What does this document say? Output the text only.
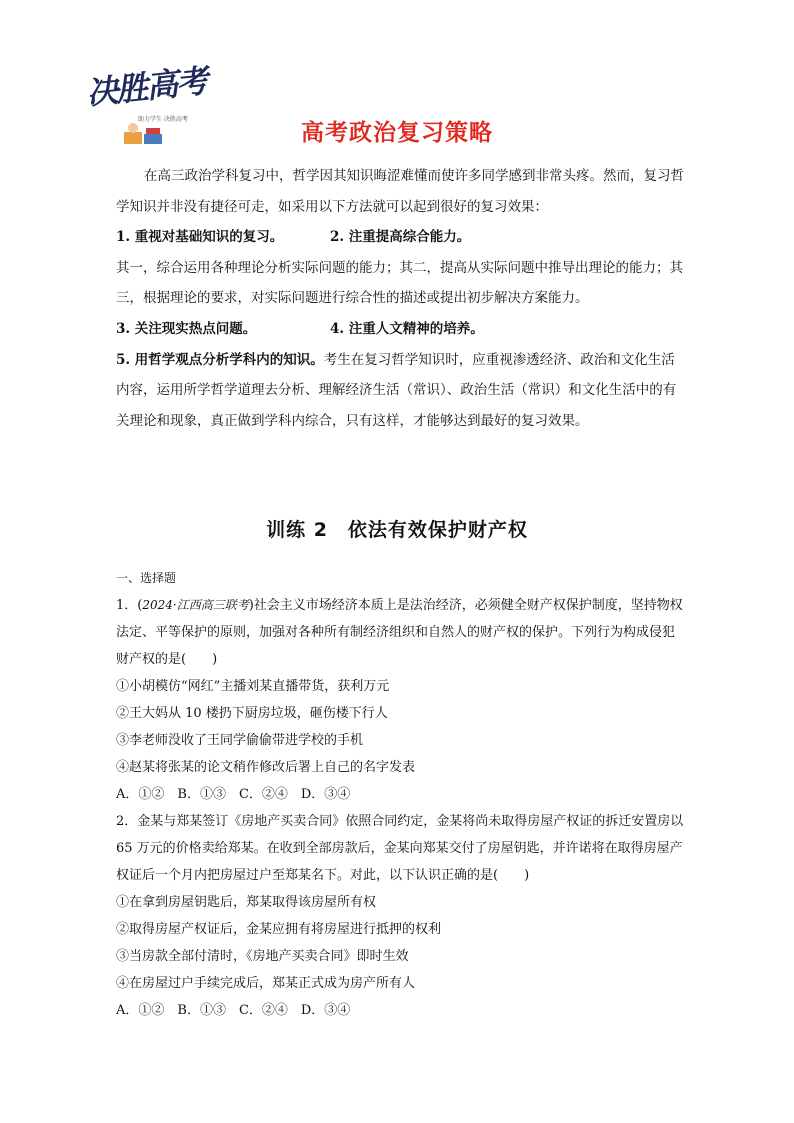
决胜高考
助力学生 决胜高考
高考政治复习策略
在高三政治学科复习中，哲学因其知识晦涩难懂而使许多同学感到非常头疼。然而，复习哲学知识并非没有捷径可走，如采用以下方法就可以起到很好的复习效果：
1. 重视对基础知识的复习。	2. 注重提高综合能力。
其一，综合运用各种理论分析实际问题的能力；其二，提高从实际问题中推导出理论的能力；其三，根据理论的要求，对实际问题进行综合性的描述或提出初步解决方案能力。
3. 关注现实热点问题。	4. 注重人文精神的培养。
5. 用哲学观点分析学科内的知识。考生在复习哲学知识时，应重视渗透经济、政治和文化生活内容，运用所学哲学道理去分析、理解经济生活（常识）、政治生活（常识）和文化生活中的有关理论和现象，真正做到学科内综合，只有这样，才能够达到最好的复习效果。
训练 2　依法有效保护财产权
一、选择题
1．(2024·江西高三联考)社会主义市场经济本质上是法治经济，必须健全财产权保护制度，坚持物权法定、平等保护的原则，加强对各种所有制经济组织和自然人的财产权的保护。下列行为构成侵犯财产权的是(　　)
①小胡模仿“网红”主播刘某直播带货，获利万元
②王大妈从 10 楼扔下厨房垃圾，砸伤楼下行人
③李老师没收了王同学偷偷带进学校的手机
④赵某将张某的论文稍作修改后署上自己的名字发表
A．①②　B．①③　C．②④　D．③④
2．金某与郑某签订《房地产买卖合同》依照合同约定，金某将尚未取得房屋产权证的拆迁安置房以 65 万元的价格卖给郑某。在收到全部房款后，金某向郑某交付了房屋钥匙，并许诺将在取得房屋产权证后一个月内把房屋过户至郑某名下。对此，以下认识正确的是(　　)
①在拿到房屋钥匙后，郑某取得该房屋所有权
②取得房屋产权证后，金某应拥有将房屋进行抵押的权利
③当房款全部付清时，《房地产买卖合同》即时生效
④在房屋过户手续完成后，郑某正式成为房产所有人
A．①②　B．①③　C．②④　D．③④
